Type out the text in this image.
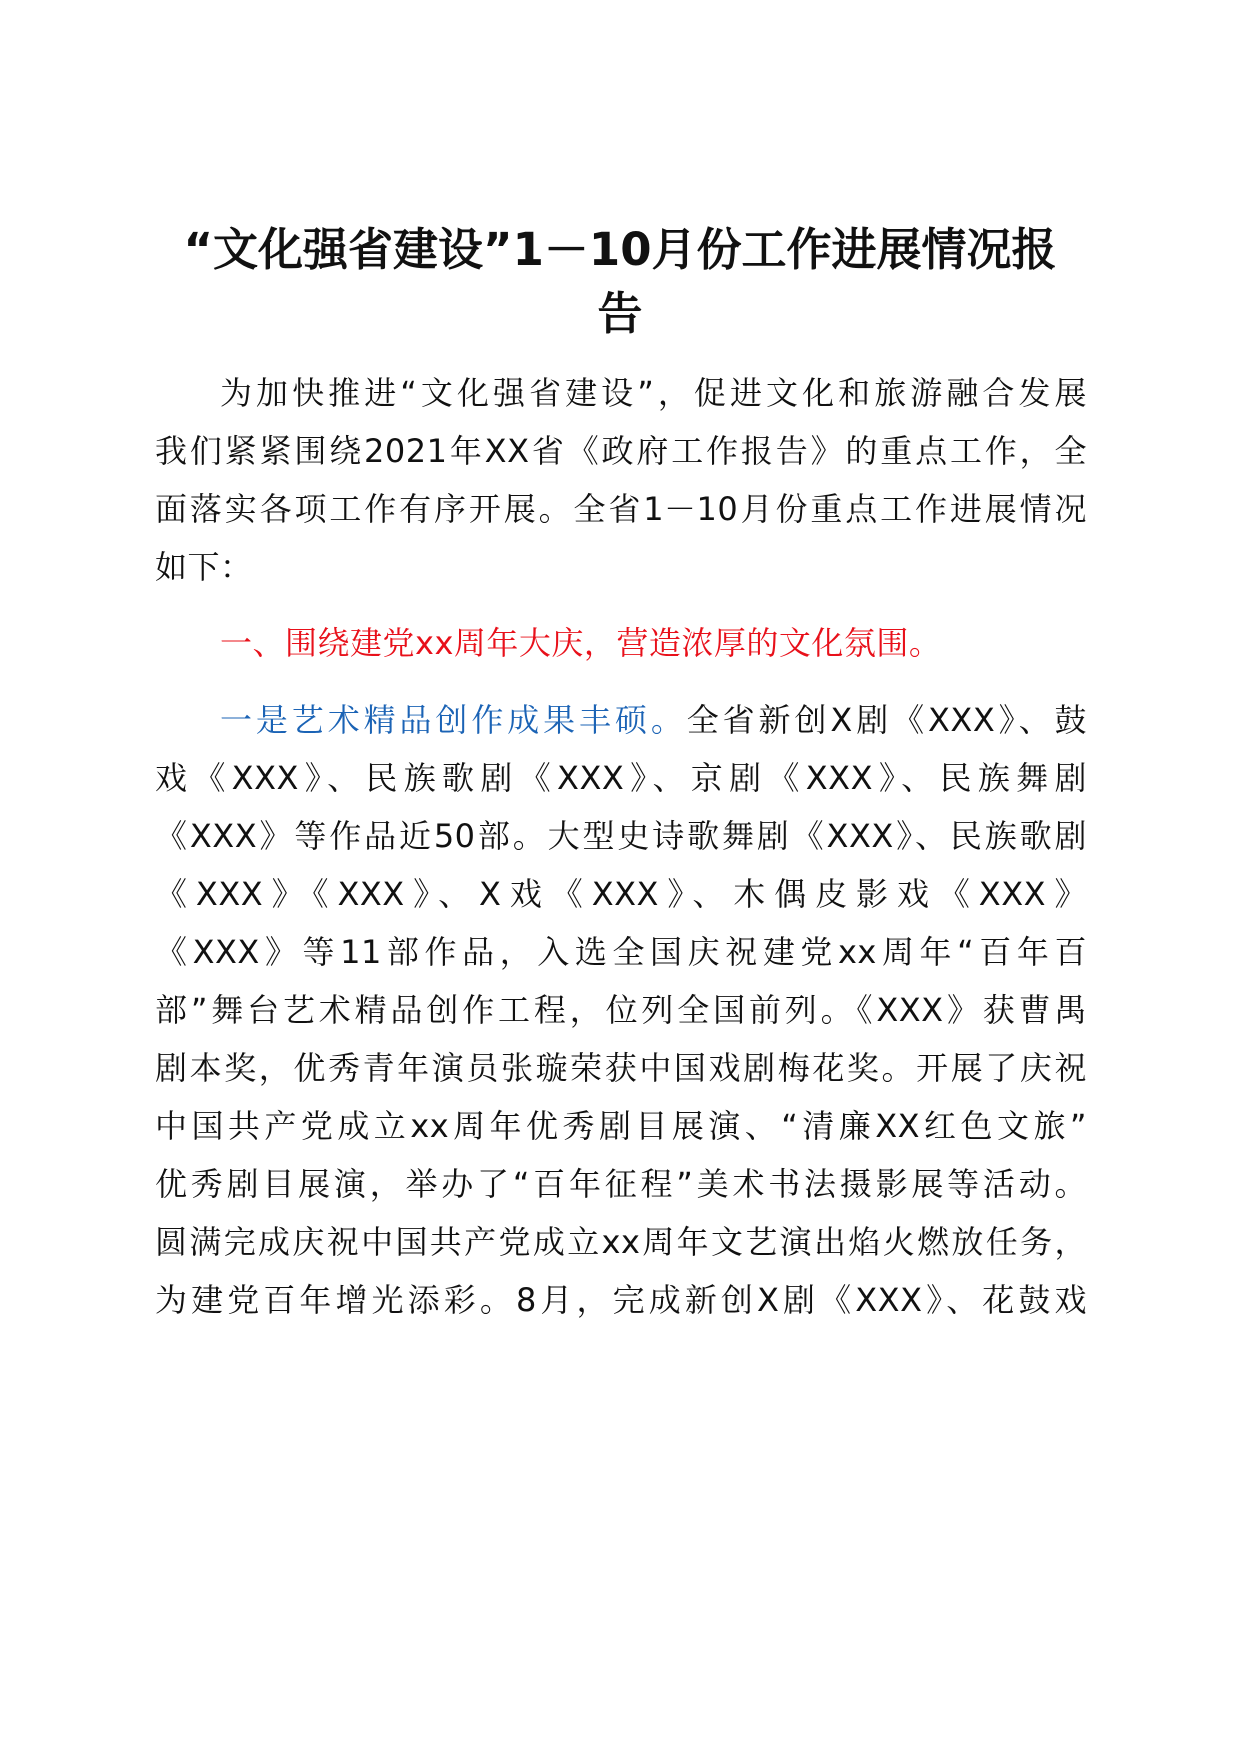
“文化强省建设”1－10月份工作进展情况报
告
为加快推进“文化强省建设”，促进文化和旅游融合发展
我们紧紧围绕2021年XX省《政府工作报告》的重点工作，全
面落实各项工作有序开展。全省1－10月份重点工作进展情况
如下：
一、围绕建党xx周年大庆，营造浓厚的文化氛围。
一是艺术精品创作成果丰硕。全省新创X剧《XXX》、鼓
戏《XXX》、民族歌剧《XXX》、京剧《XXX》、民族舞剧
《XXX》等作品近50部。大型史诗歌舞剧《XXX》、民族歌剧
《XXX》《XXX》、X戏《XXX》、木偶皮影戏《XXX》
《XXX》等11部作品，入选全国庆祝建党xx周年“百年百
部”舞台艺术精品创作工程，位列全国前列。《XXX》获曹禺
剧本奖，优秀青年演员张璇荣获中国戏剧梅花奖。开展了庆祝
中国共产党成立xx周年优秀剧目展演、“清廉XX红色文旅”
优秀剧目展演，举办了“百年征程”美术书法摄影展等活动。
圆满完成庆祝中国共产党成立xx周年文艺演出焰火燃放任务，
为建党百年增光添彩。8月，完成新创X剧《XXX》、花鼓戏
